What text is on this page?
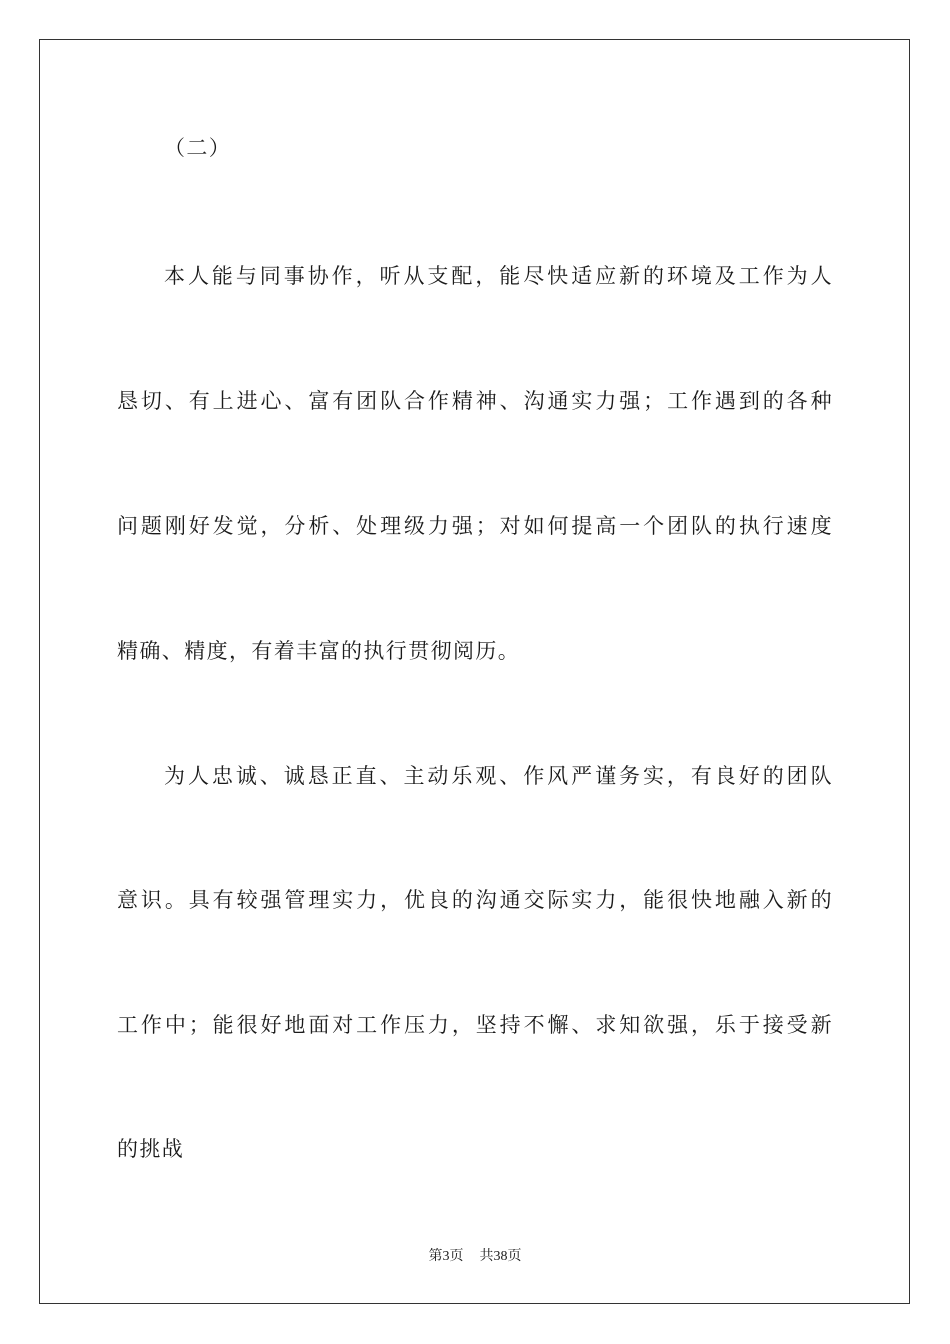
（二）
本人能与同事协作，听从支配，能尽快适应新的环境及工作为人
恳切、有上进心、富有团队合作精神、沟通实力强；工作遇到的各种
问题刚好发觉，分析、处理级力强；对如何提高一个团队的执行速度
精确、精度，有着丰富的执行贯彻阅历。
为人忠诚、诚恳正直、主动乐观、作风严谨务实，有良好的团队
意识。具有较强管理实力，优良的沟通交际实力，能很快地融入新的
工作中；能很好地面对工作压力，坚持不懈、求知欲强，乐于接受新
的挑战
第3页 共38页
